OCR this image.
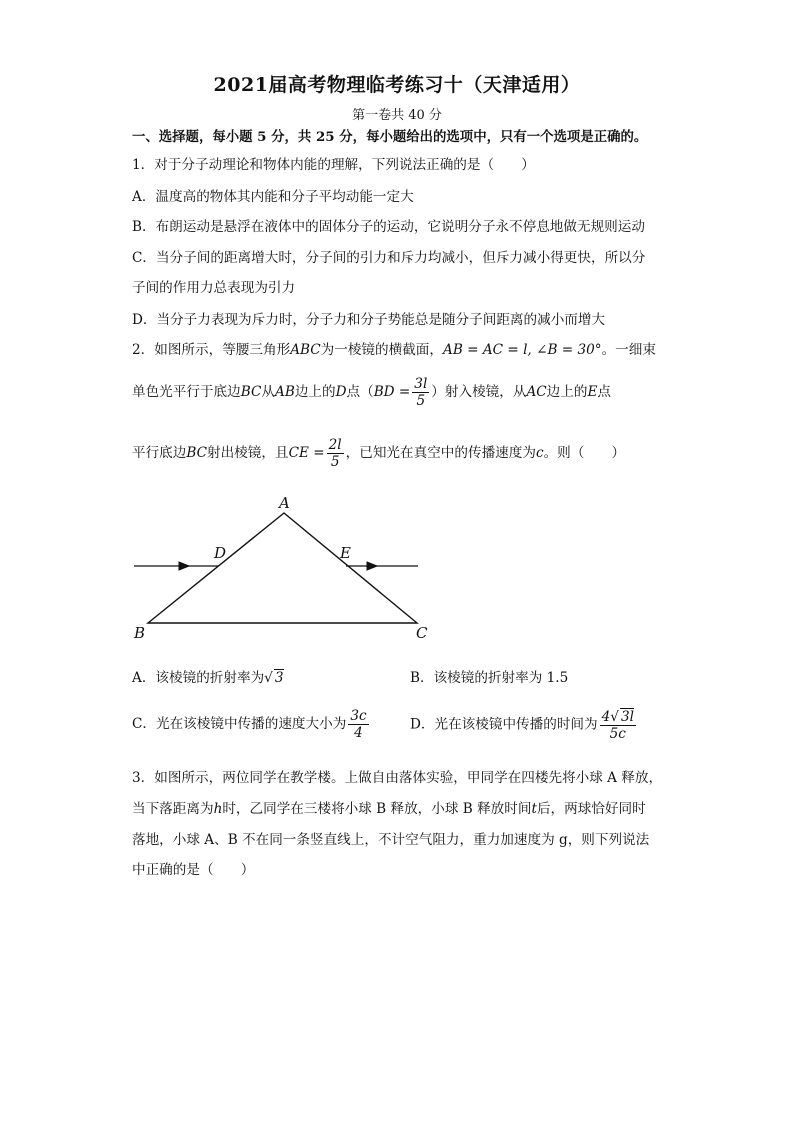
2021届高考物理临考练习十（天津适用）
第一卷共 40 分
一、选择题，每小题 5 分，共 25 分，每小题给出的选项中，只有一个选项是正确的。
1．对于分子动理论和物体内能的理解，下列说法正确的是（　　）
A．温度高的物体其内能和分子平均动能一定大
B．布朗运动是悬浮在液体中的固体分子的运动，它说明分子永不停息地做无规则运动
C．当分子间的距离增大时，分子间的引力和斥力均减小，但斥力减小得更快，所以分
子间的作用力总表现为引力
D．当分子力表现为斥力时，分子力和分子势能总是随分子间距离的减小而增大
2．如图所示，等腰三角形ABC为一棱镜的横截面，AB = AC = l, ∠B = 30°。一细束
单色光平行于底边BC从AB边上的D点（$BD = \frac{3l}{5}$ ）射入棱镜，从AC边上的E点
平行底边BC射出棱镜，且CE = $\frac{2l}{5}$ ，已知光在真空中的传播速度为c。则（　　）
A
B	C
D	E
A．该棱镜的折射率为√ 3	B．该棱镜的折射率为 1.5
C．光在该棱镜中传播的速度大小为 $\frac{3c}{4}$	D．光在该棱镜中传播的时间为 $\frac{4√ 3l}{5c}$
3．如图所示，两位同学在教学楼。上做自由落体实验，甲同学在四楼先将小球 A 释放，
当下落距离为h时，乙同学在三楼将小球 B 释放，小球 B 释放时间t后，两球恰好同时
落地，小球 A、B 不在同一条竖直线上，不计空气阻力，重力加速度为 g，则下列说法
中正确的是（　　）
